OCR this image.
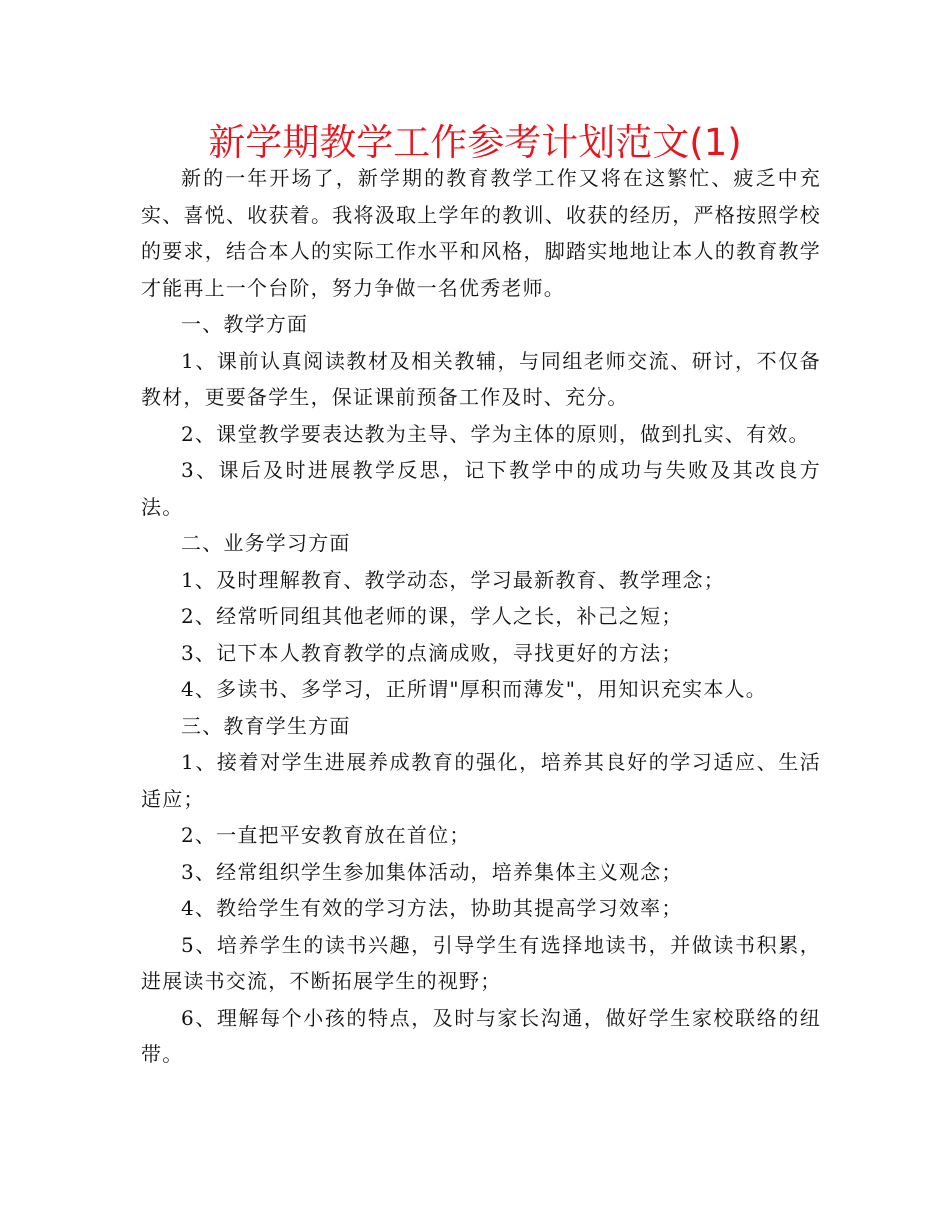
新学期教学工作参考计划范文(1)

新的一年开场了，新学期的教育教学工作又将在这繁忙、疲乏中充实、喜悦、收获着。我将汲取上学年的教训、收获的经历，严格按照学校的要求，结合本人的实际工作水平和风格，脚踏实地地让本人的教育教学才能再上一个台阶，努力争做一名优秀老师。

一、教学方面

1、课前认真阅读教材及相关教辅，与同组老师交流、研讨，不仅备教材，更要备学生，保证课前预备工作及时、充分。

2、课堂教学要表达教为主导、学为主体的原则，做到扎实、有效。

3、课后及时进展教学反思，记下教学中的成功与失败及其改良方法。

二、业务学习方面

1、及时理解教育、教学动态，学习最新教育、教学理念；

2、经常听同组其他老师的课，学人之长，补己之短；

3、记下本人教育教学的点滴成败，寻找更好的方法；

4、多读书、多学习，正所谓"厚积而薄发"，用知识充实本人。

三、教育学生方面

1、接着对学生进展养成教育的强化，培养其良好的学习适应、生活适应；

2、一直把平安教育放在首位；

3、经常组织学生参加集体活动，培养集体主义观念；

4、教给学生有效的学习方法，协助其提高学习效率；

5、培养学生的读书兴趣，引导学生有选择地读书，并做读书积累，进展读书交流，不断拓展学生的视野；

6、理解每个小孩的特点，及时与家长沟通，做好学生家校联络的纽带。
